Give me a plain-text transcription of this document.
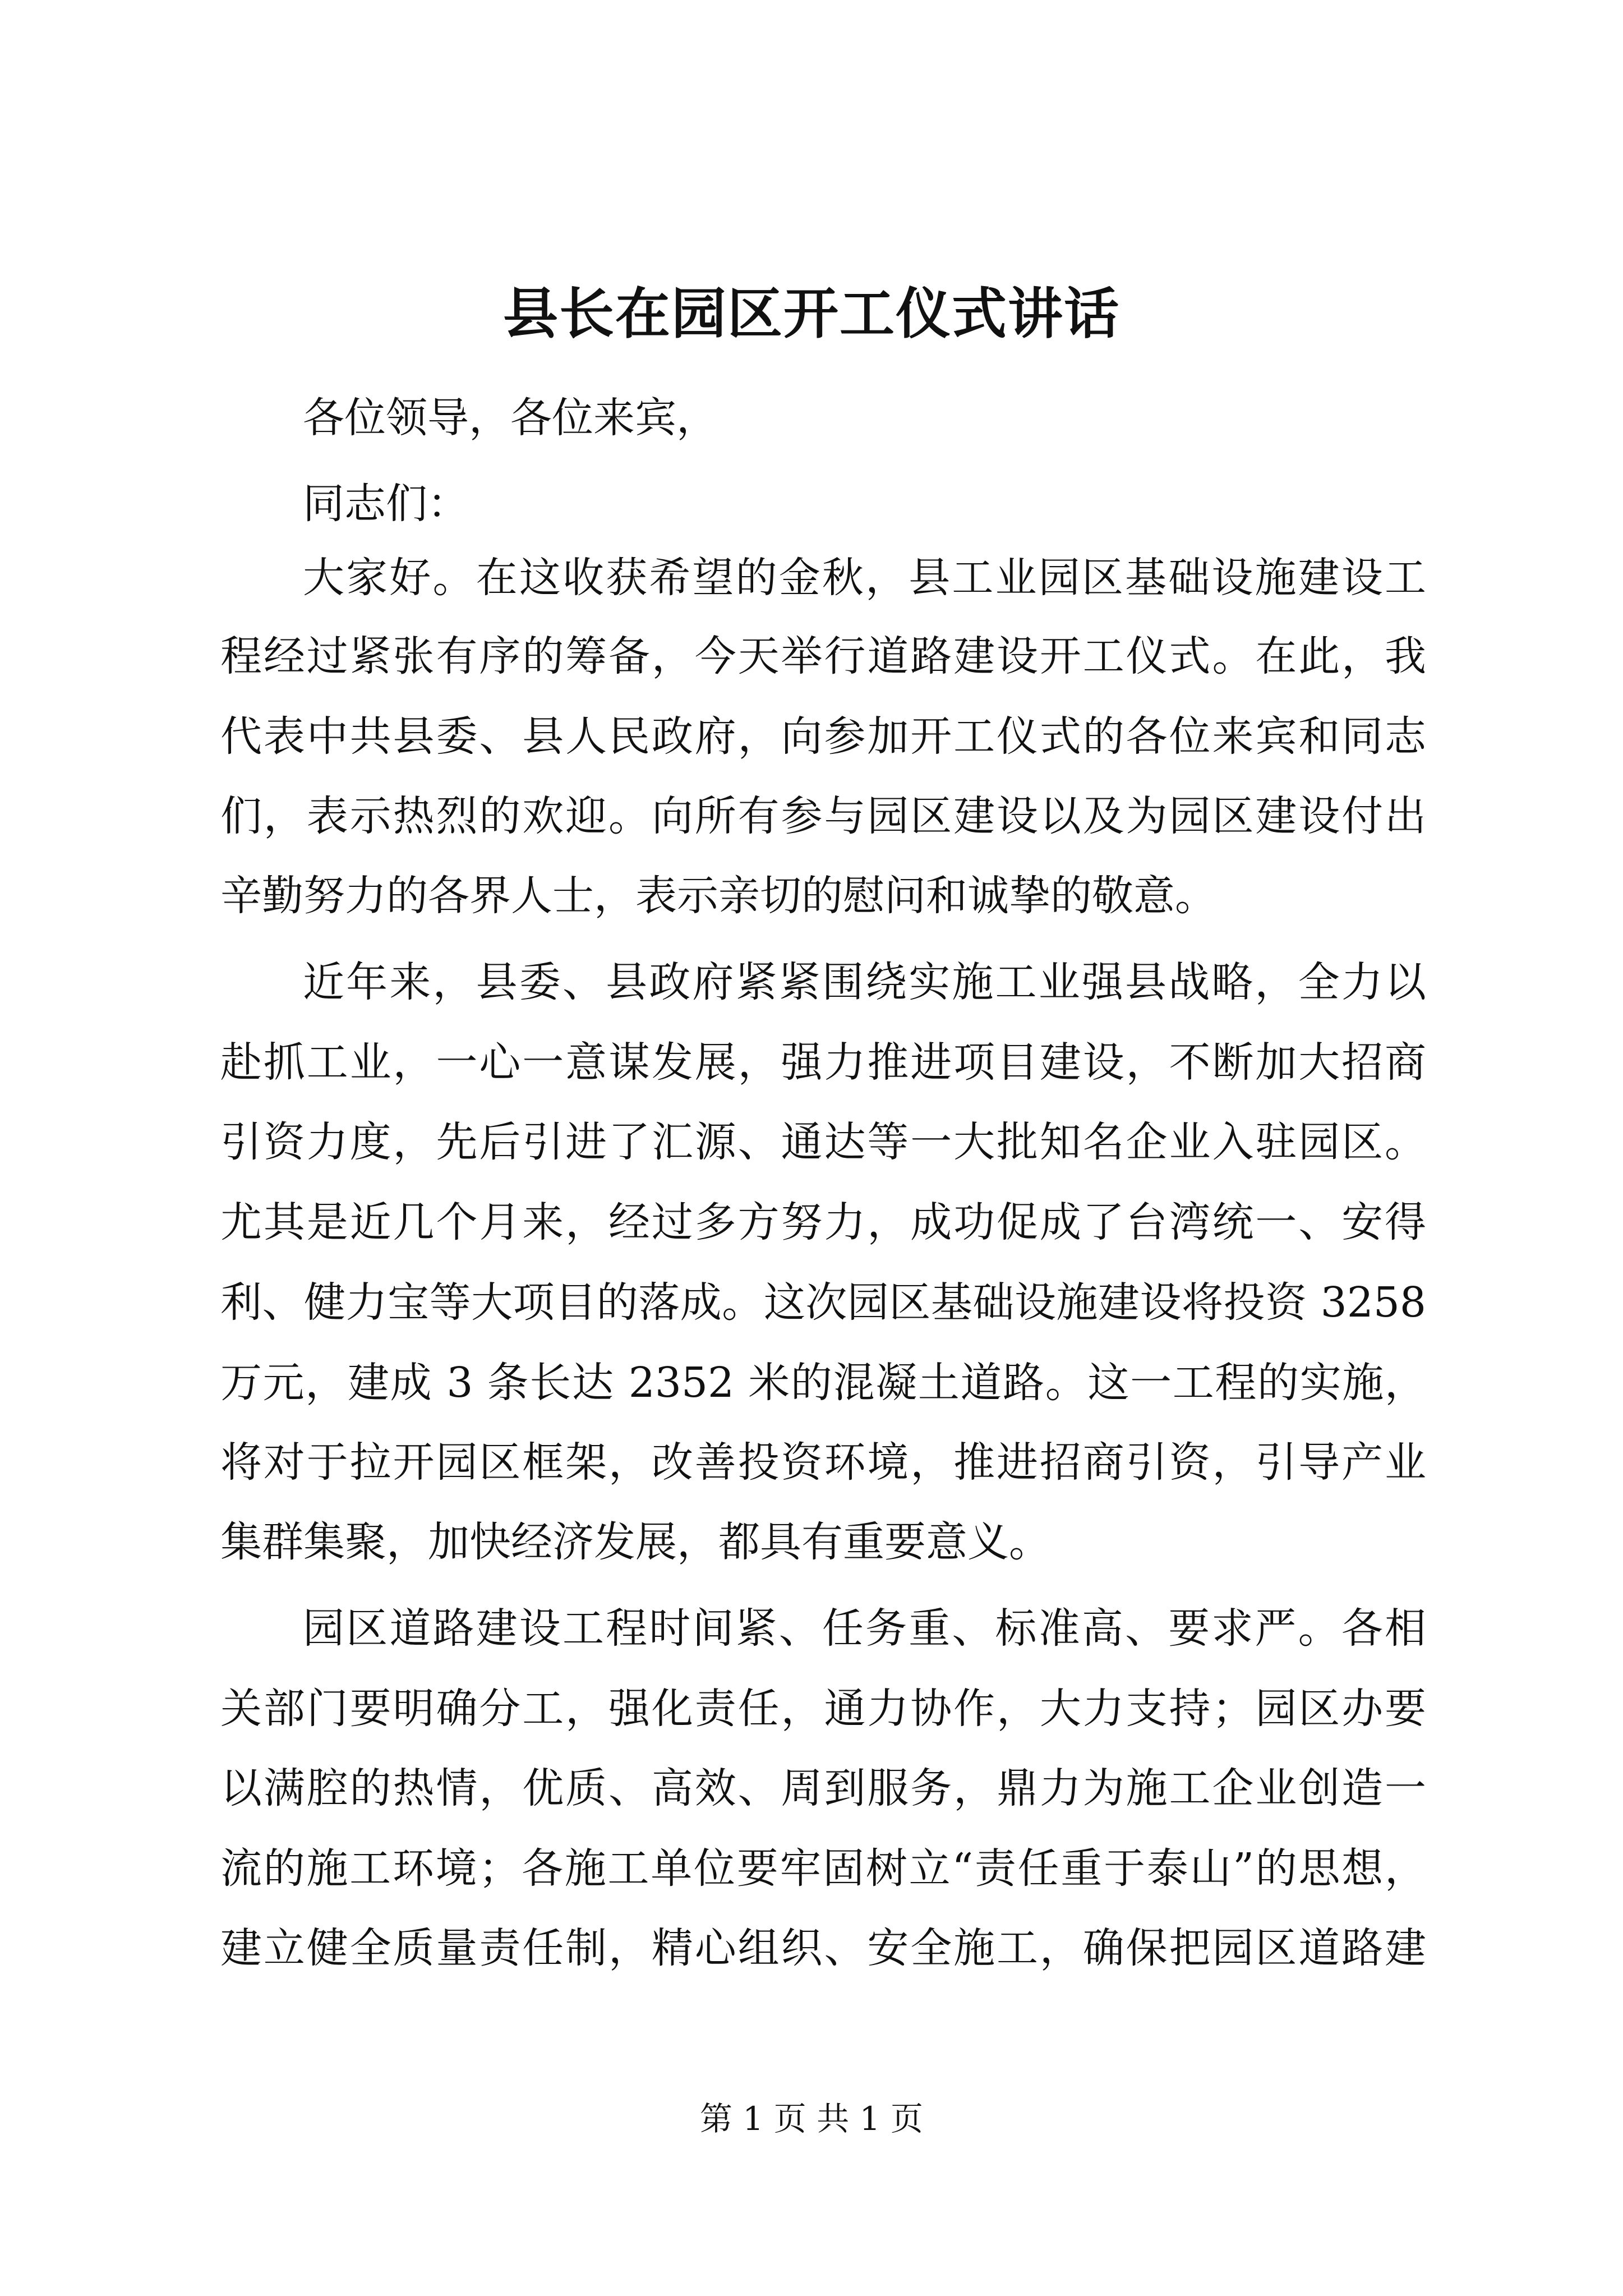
县长在园区开工仪式讲话
各位领导，各位来宾，
同志们：
大家好。在这收获希望的金秋，县工业园区基础设施建设工
程经过紧张有序的筹备，今天举行道路建设开工仪式。在此，我
代表中共县委、县人民政府，向参加开工仪式的各位来宾和同志
们，表示热烈的欢迎。向所有参与园区建设以及为园区建设付出
辛勤努力的各界人士，表示亲切的慰问和诚挚的敬意。
近年来，县委、县政府紧紧围绕实施工业强县战略，全力以
赴抓工业，一心一意谋发展，强力推进项目建设，不断加大招商
引资力度，先后引进了汇源、通达等一大批知名企业入驻园区。
尤其是近几个月来，经过多方努力，成功促成了台湾统一、安得
利、健力宝等大项目的落成。这次园区基础设施建设将投资 3258
万元，建成 3 条长达 2352 米的混凝土道路。这一工程的实施，
将对于拉开园区框架，改善投资环境，推进招商引资，引导产业
集群集聚，加快经济发展，都具有重要意义。
园区道路建设工程时间紧、任务重、标准高、要求严。各相
关部门要明确分工，强化责任，通力协作，大力支持；园区办要
以满腔的热情，优质、高效、周到服务，鼎力为施工企业创造一
流的施工环境；各施工单位要牢固树立“责任重于泰山”的思想，
建立健全质量责任制，精心组织、安全施工，确保把园区道路建
第 1 页 共 1 页
